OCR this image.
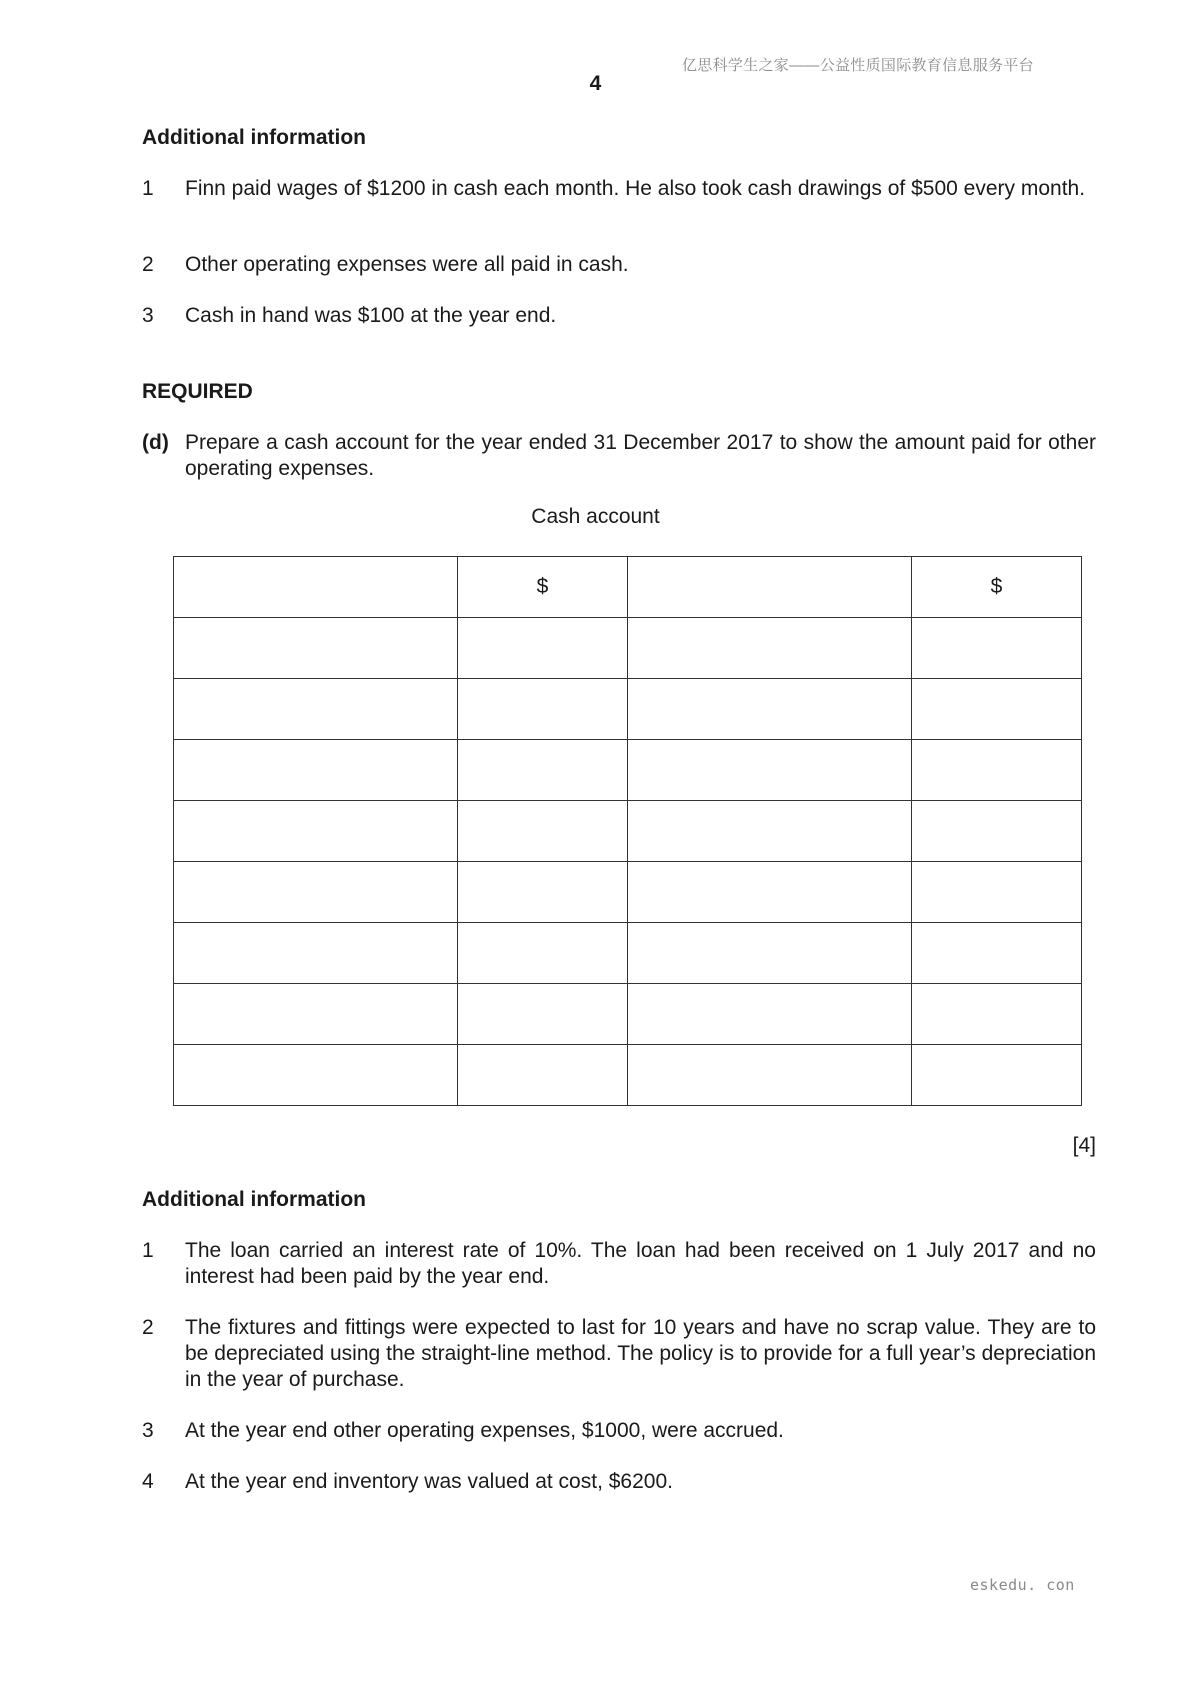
亿思科学生之家——公益性质国际教育信息服务平台
4
Additional information
1	Finn paid wages of $1200 in cash each month. He also took cash drawings of $500 every month.
2	Other operating expenses were all paid in cash.
3	Cash in hand was $100 at the year end.
REQUIRED
(d) Prepare a cash account for the year ended 31 December 2017 to show the amount paid for other operating expenses.
Cash account
	$		$

[4]
Additional information
1	The loan carried an interest rate of 10%. The loan had been received on 1 July 2017 and no interest had been paid by the year end.
2	The fixtures and fittings were expected to last for 10 years and have no scrap value. They are to be depreciated using the straight-line method. The policy is to provide for a full year’s depreciation in the year of purchase.
3	At the year end other operating expenses, $1000, were accrued.
4	At the year end inventory was valued at cost, $6200.
eskedu. con
